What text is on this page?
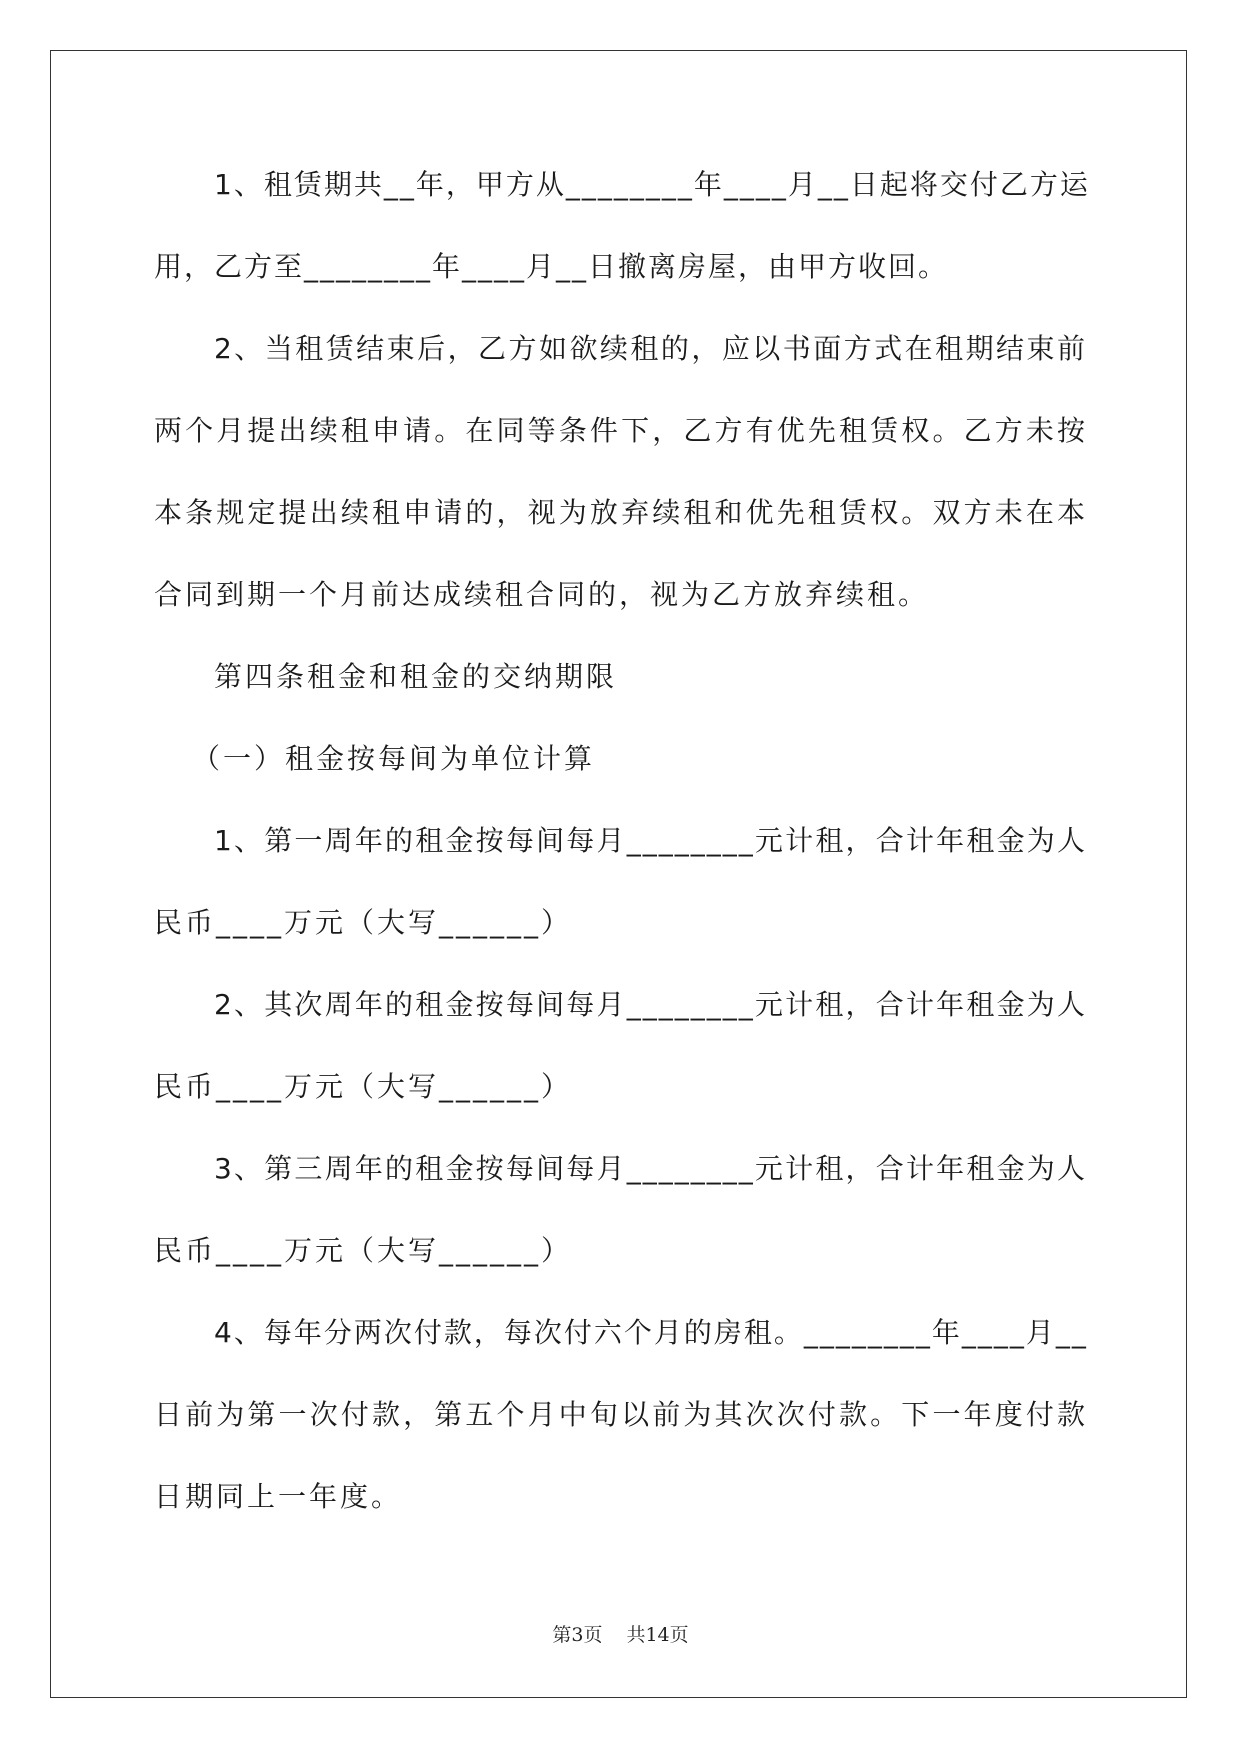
1、租赁期共__年，甲方从________年____月__日起将交付乙方运
用，乙方至________年____月__日撤离房屋，由甲方收回。
2、当租赁结束后，乙方如欲续租的，应以书面方式在租期结束前
两个月提出续租申请。在同等条件下，乙方有优先租赁权。乙方未按
本条规定提出续租申请的，视为放弃续租和优先租赁权。双方未在本
合同到期一个月前达成续租合同的，视为乙方放弃续租。
第四条租金和租金的交纳期限
（一）租金按每间为单位计算
1、第一周年的租金按每间每月________元计租，合计年租金为人
民币____万元（大写______）
2、其次周年的租金按每间每月________元计租，合计年租金为人
民币____万元（大写______）
3、第三周年的租金按每间每月________元计租，合计年租金为人
民币____万元（大写______）
4、每年分两次付款，每次付六个月的房租。________年____月__
日前为第一次付款，第五个月中旬以前为其次次付款。下一年度付款
日期同上一年度。
第3页 共14页
